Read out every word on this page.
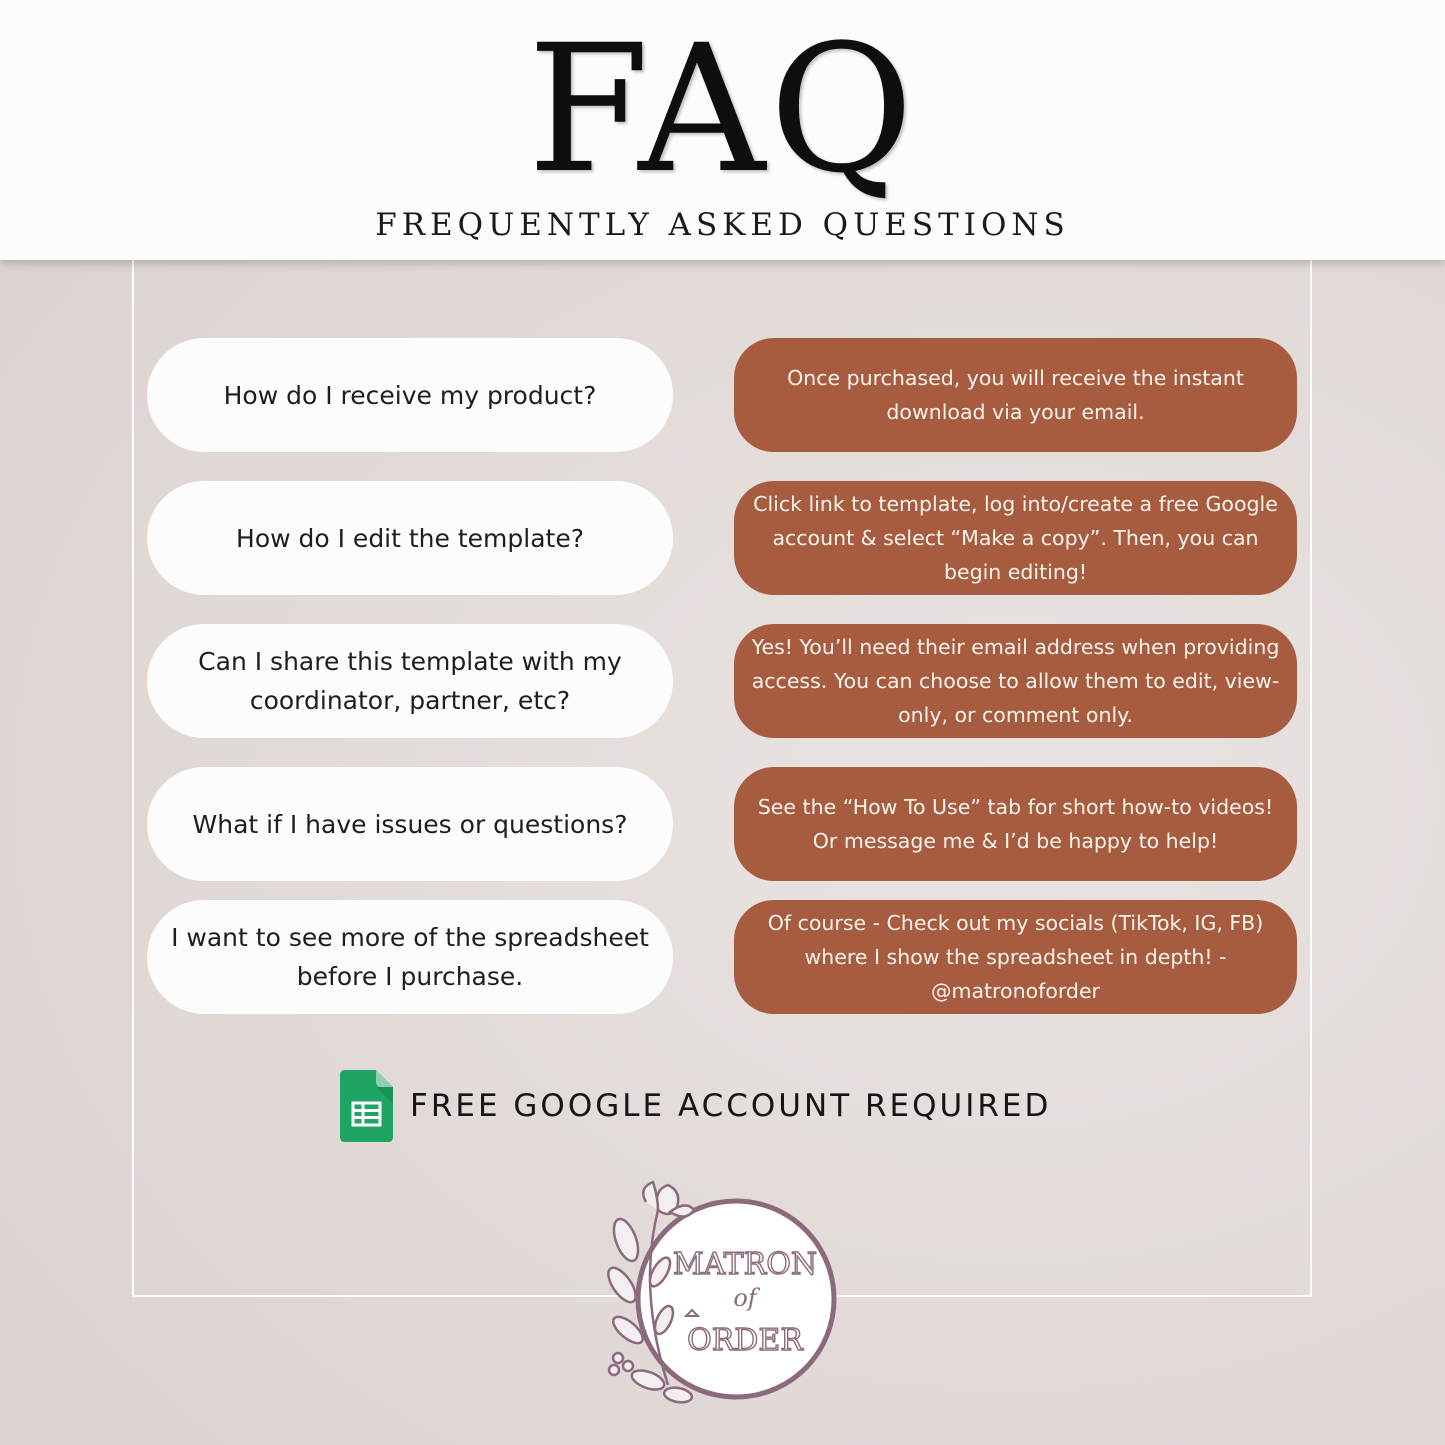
FAQ
FREQUENTLY ASKED QUESTIONS
How do I receive my product?
Once purchased, you will receive the instant download via your email.
How do I edit the template?
Click link to template, log into/create a free Google account & select “Make a copy”. Then, you can begin editing!
Can I share this template with my coordinator, partner, etc?
Yes! You’ll need their email address when providing access. You can choose to allow them to edit, view-only, or comment only.
What if I have issues or questions?
See the “How To Use” tab for short how-to videos! Or message me & I’d be happy to help!
I want to see more of the spreadsheet before I purchase.
Of course - Check out my socials (TikTok, IG, FB) where I show the spreadsheet in depth! - @matronoforder
FREE GOOGLE ACCOUNT REQUIRED
MATRON
of
ORDER
